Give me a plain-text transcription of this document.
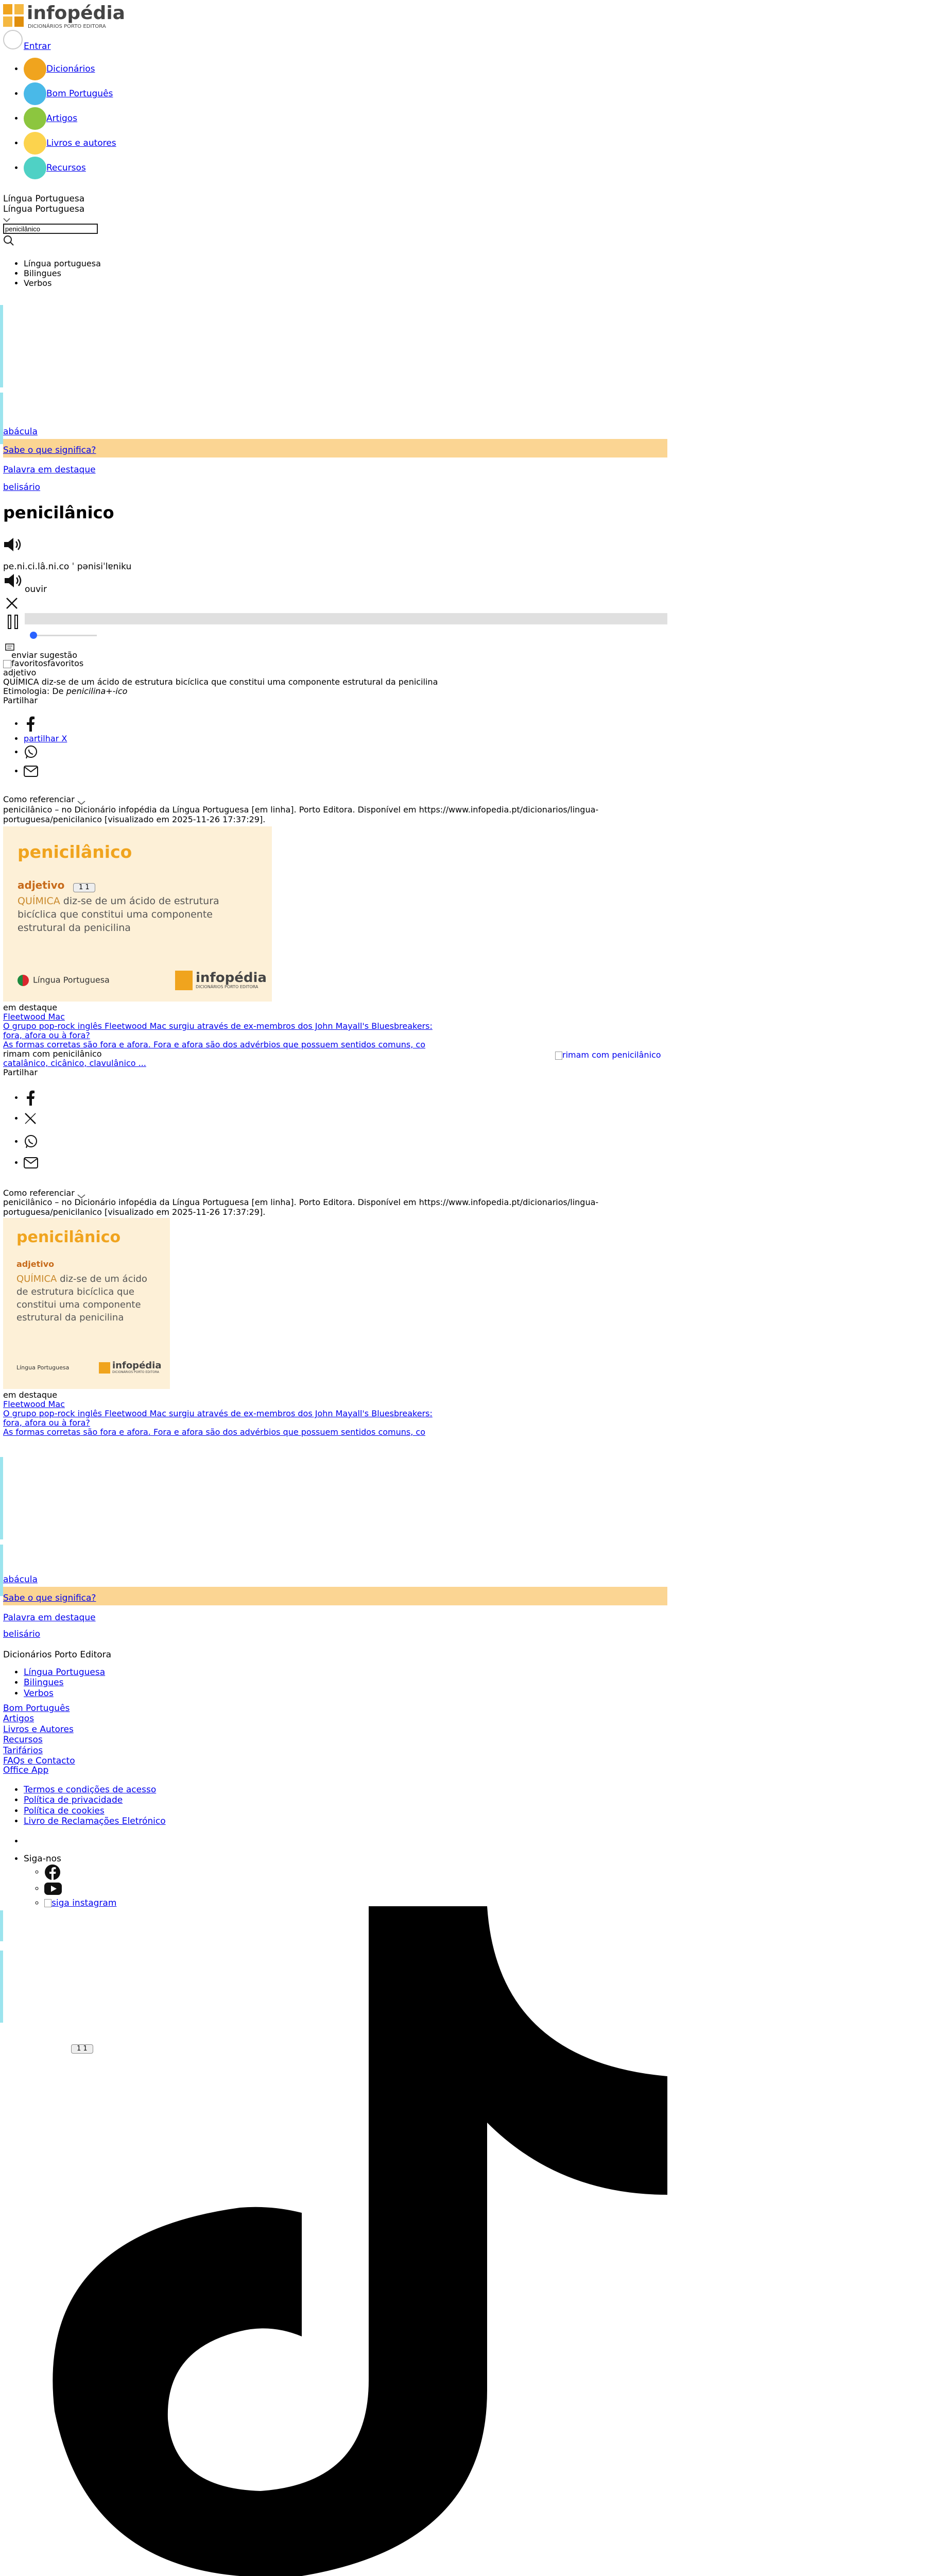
infopédia
DICIONÁRIOS PORTO EDITORA
Entrar
• Dicionários
• Bom Português
• Artigos
• Livros e autores
• Recursos
Língua Portuguesa
Língua Portuguesa
penicilânico
• Língua portuguesa
• Bilingues
• Verbos
abácula
Sabe o que significa?
Palavra em destaque
belisário
penicilânico
pe.ni.ci.lâ.ni.co ˈ pənisiˈlɐniku
ouvir
enviar sugestão
favoritosfavoritos
adjetivo
QUÍMICA diz-se de um ácido de estrutura bicíclica que constitui uma componente estrutural da penicilina
Etimologia: De penicilina+-ico
Partilhar
•
• partilhar X
•
•
Como referenciar
penicilânico – no Dicionário infopédia da Língua Portuguesa [em linha]. Porto Editora. Disponível em https://www.infopedia.pt/dicionarios/lingua-portuguesa/penicilanico [visualizado em 2025-11-26 17:37:29].
penicilânico
adjetivo
QUÍMICA diz-se de um ácido de estrutura bicíclica que constitui uma componente estrutural da penicilina
1 1
Língua Portuguesa	infopédia
DICIONÁRIOS PORTO EDITORA
em destaque
Fleetwood Mac
O grupo pop-rock inglês Fleetwood Mac surgiu através de ex-membros dos John Mayall's Bluesbreakers:
fora, afora ou à fora?
As formas corretas são fora e afora. Fora e afora são dos advérbios que possuem sentidos comuns, co
rimam com penicilânico
catalânico, cicânico, clavulânico ...
rimam com penicilânico
Partilhar
•
•
•
•
Como referenciar
penicilânico – no Dicionário infopédia da Língua Portuguesa [em linha]. Porto Editora. Disponível em https://www.infopedia.pt/dicionarios/lingua-portuguesa/penicilanico [visualizado em 2025-11-26 17:37:29].
penicilânico
adjetivo
QUÍMICA diz-se de um ácido de estrutura bicíclica que constitui uma componente estrutural da penicilina
Língua Portuguesa	infopédia
DICIONÁRIOS PORTO EDITORA
em destaque
Fleetwood Mac
O grupo pop-rock inglês Fleetwood Mac surgiu através de ex-membros dos John Mayall's Bluesbreakers:
fora, afora ou à fora?
As formas corretas são fora e afora. Fora e afora são dos advérbios que possuem sentidos comuns, co
abácula
Sabe o que significa?
Palavra em destaque
belisário
Dicionários Porto Editora
• Língua Portuguesa
• Bilingues
• Verbos
Bom Português
Artigos
Livros e Autores
Recursos
Tarifários
FAQs e Contacto
Office App
• Termos e condições de acesso
• Política de privacidade
• Política de cookies
• Livro de Reclamações Eletrónico
• Siga-nos
◦
◦
◦ siga instagram
1 1
